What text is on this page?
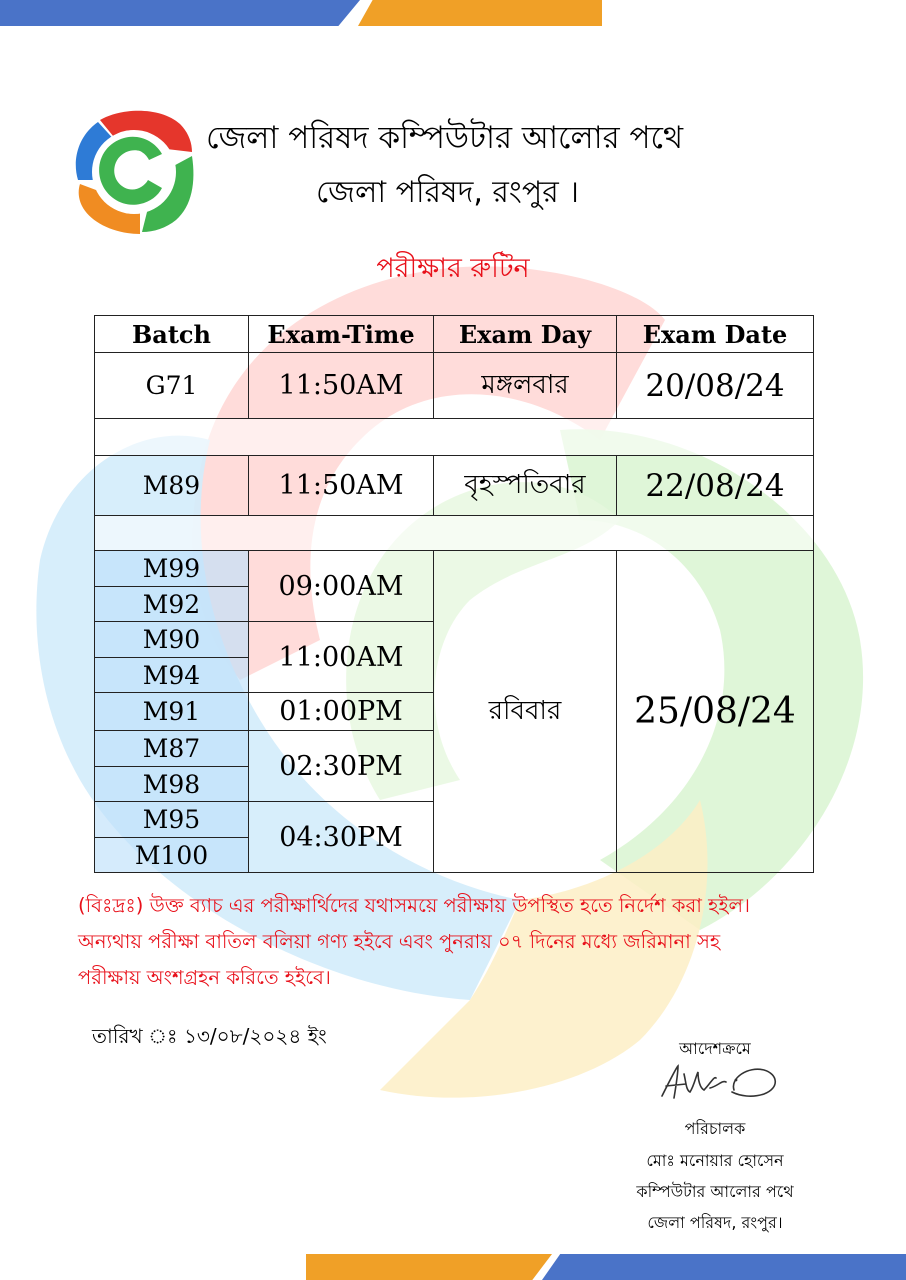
জেলা পরিষদ কম্পিউটার আলোর পথে
জেলা পরিষদ, রংপুর ।
পরীক্ষার রুটিন
Batch	Exam-Time	Exam Day	Exam Date
G71	11:50AM	মঙ্গলবার	20/08/24

M89	11:50AM	বৃহস্পতিবার	22/08/24

M99	09:00AM	রবিবার	25/08/24
M92			
M90	11:00AM		
M94			
M91	01:00PM		
M87	02:30PM		
M98			
M95	04:30PM		
M100			
(বিঃদ্রঃ) উক্ত ব্যাচ এর পরীক্ষার্থিদের যথাসময়ে পরীক্ষায় উপস্থিত হতে নির্দেশ করা হইল।
অন্যথায় পরীক্ষা বাতিল বলিয়া গণ্য হইবে এবং পুনরায় ০৭ দিনের মধ্যে জরিমানা সহ
পরীক্ষায় অংশগ্রহন করিতে হইবে।
তারিখ ঃ ১৩/০৮/২০২৪ ইং
আদেশক্রমে
পরিচালক
মোঃ মনোয়ার হোসেন
কম্পিউটার আলোর পথে
জেলা পরিষদ, রংপুর।
